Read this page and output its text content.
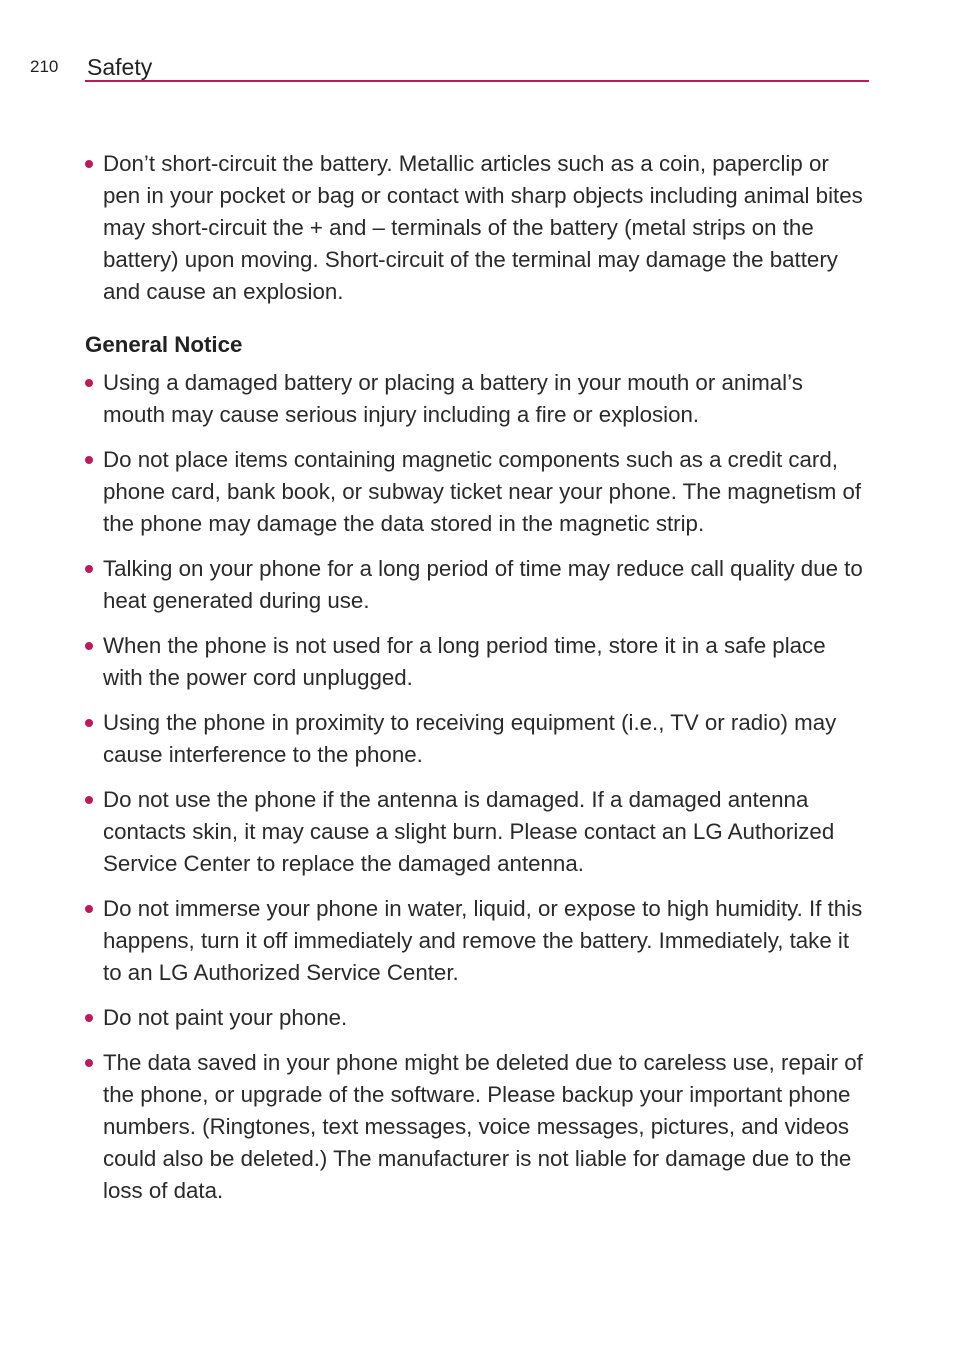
210 Safety
Don’t short-circuit the battery. Metallic articles such as a coin, paperclip or pen in your pocket or bag or contact with sharp objects including animal bites may short-circuit the + and – terminals of the battery (metal strips on the battery) upon moving. Short-circuit of the terminal may damage the battery and cause an explosion.
General Notice
Using a damaged battery or placing a battery in your mouth or animal’s mouth may cause serious injury including a fire or explosion.
Do not place items containing magnetic components such as a credit card, phone card, bank book, or subway ticket near your phone. The magnetism of the phone may damage the data stored in the magnetic strip.
Talking on your phone for a long period of time may reduce call quality due to heat generated during use.
When the phone is not used for a long period time, store it in a safe place with the power cord unplugged.
Using the phone in proximity to receiving equipment (i.e., TV or radio) may cause interference to the phone.
Do not use the phone if the antenna is damaged. If a damaged antenna contacts skin, it may cause a slight burn. Please contact an LG Authorized Service Center to replace the damaged antenna.
Do not immerse your phone in water, liquid, or expose to high humidity. If this happens, turn it off immediately and remove the battery. Immediately, take it to an LG Authorized Service Center.
Do not paint your phone.
The data saved in your phone might be deleted due to careless use, repair of the phone, or upgrade of the software. Please backup your important phone numbers. (Ringtones, text messages, voice messages, pictures, and videos could also be deleted.) The manufacturer is not liable for damage due to the loss of data.
